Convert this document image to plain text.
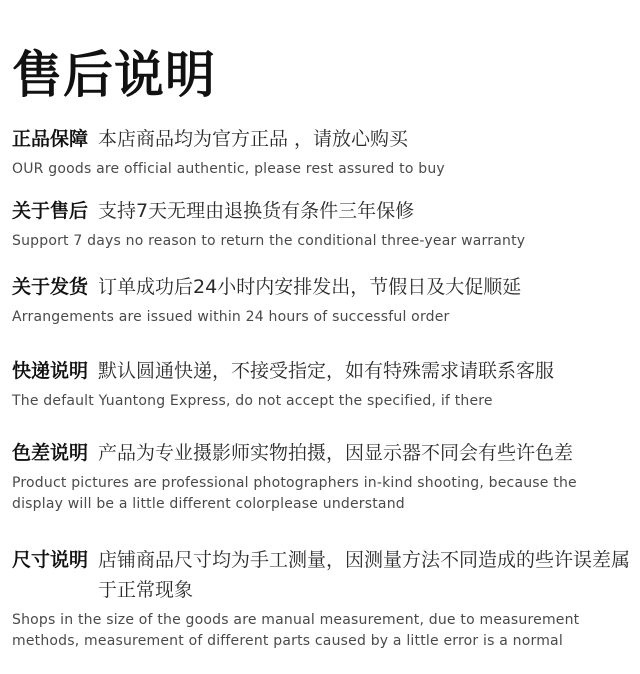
售后说明
正品保障 本店商品均为官方正品 ，请放心购买
OUR goods are official authentic, please rest assured to buy
关于售后 支持7天无理由退换货有条件三年保修
Support 7 days no reason to return the conditional three-year warranty
关于发货 订单成功后24小时内安排发出，节假日及大促顺延
Arrangements are issued within 24 hours of successful order
快递说明 默认圆通快递，不接受指定，如有特殊需求请联系客服
The default Yuantong Express, do not accept the specified, if there
色差说明 产品为专业摄影师实物拍摄，因显示器不同会有些许色差
Product pictures are professional photographers in-kind shooting, because the display will be a little different colorplease understand
尺寸说明 店铺商品尺寸均为手工测量，因测量方法不同造成的些许误差属于正常现象
Shops in the size of the goods are manual measurement, due to measurement methods, measurement of different parts caused by a little error is a normal
